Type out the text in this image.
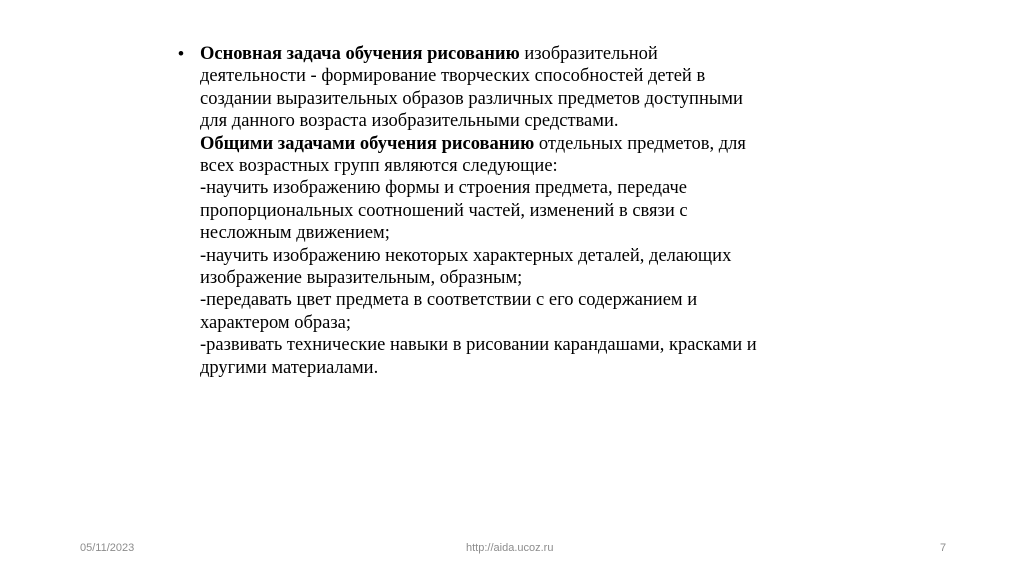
• Основная задача обучения рисованию изобразительной
деятельности - формирование творческих способностей детей в
создании выразительных образов различных предметов доступными
для данного возраста изобразительными средствами.
Общими задачами обучения рисованию отдельных предметов, для
всех возрастных групп являются следующие:
-научить изображению формы и строения предмета, передаче
пропорциональных соотношений частей, изменений в связи с
несложным движением;
-научить изображению некоторых характерных деталей, делающих
изображение выразительным, образным;
-передавать цвет предмета в соответствии с его содержанием и
характером образа;
-развивать технические навыки в рисовании карандашами, красками и
другими материалами.
05/11/2023	http://aida.ucoz.ru	7
